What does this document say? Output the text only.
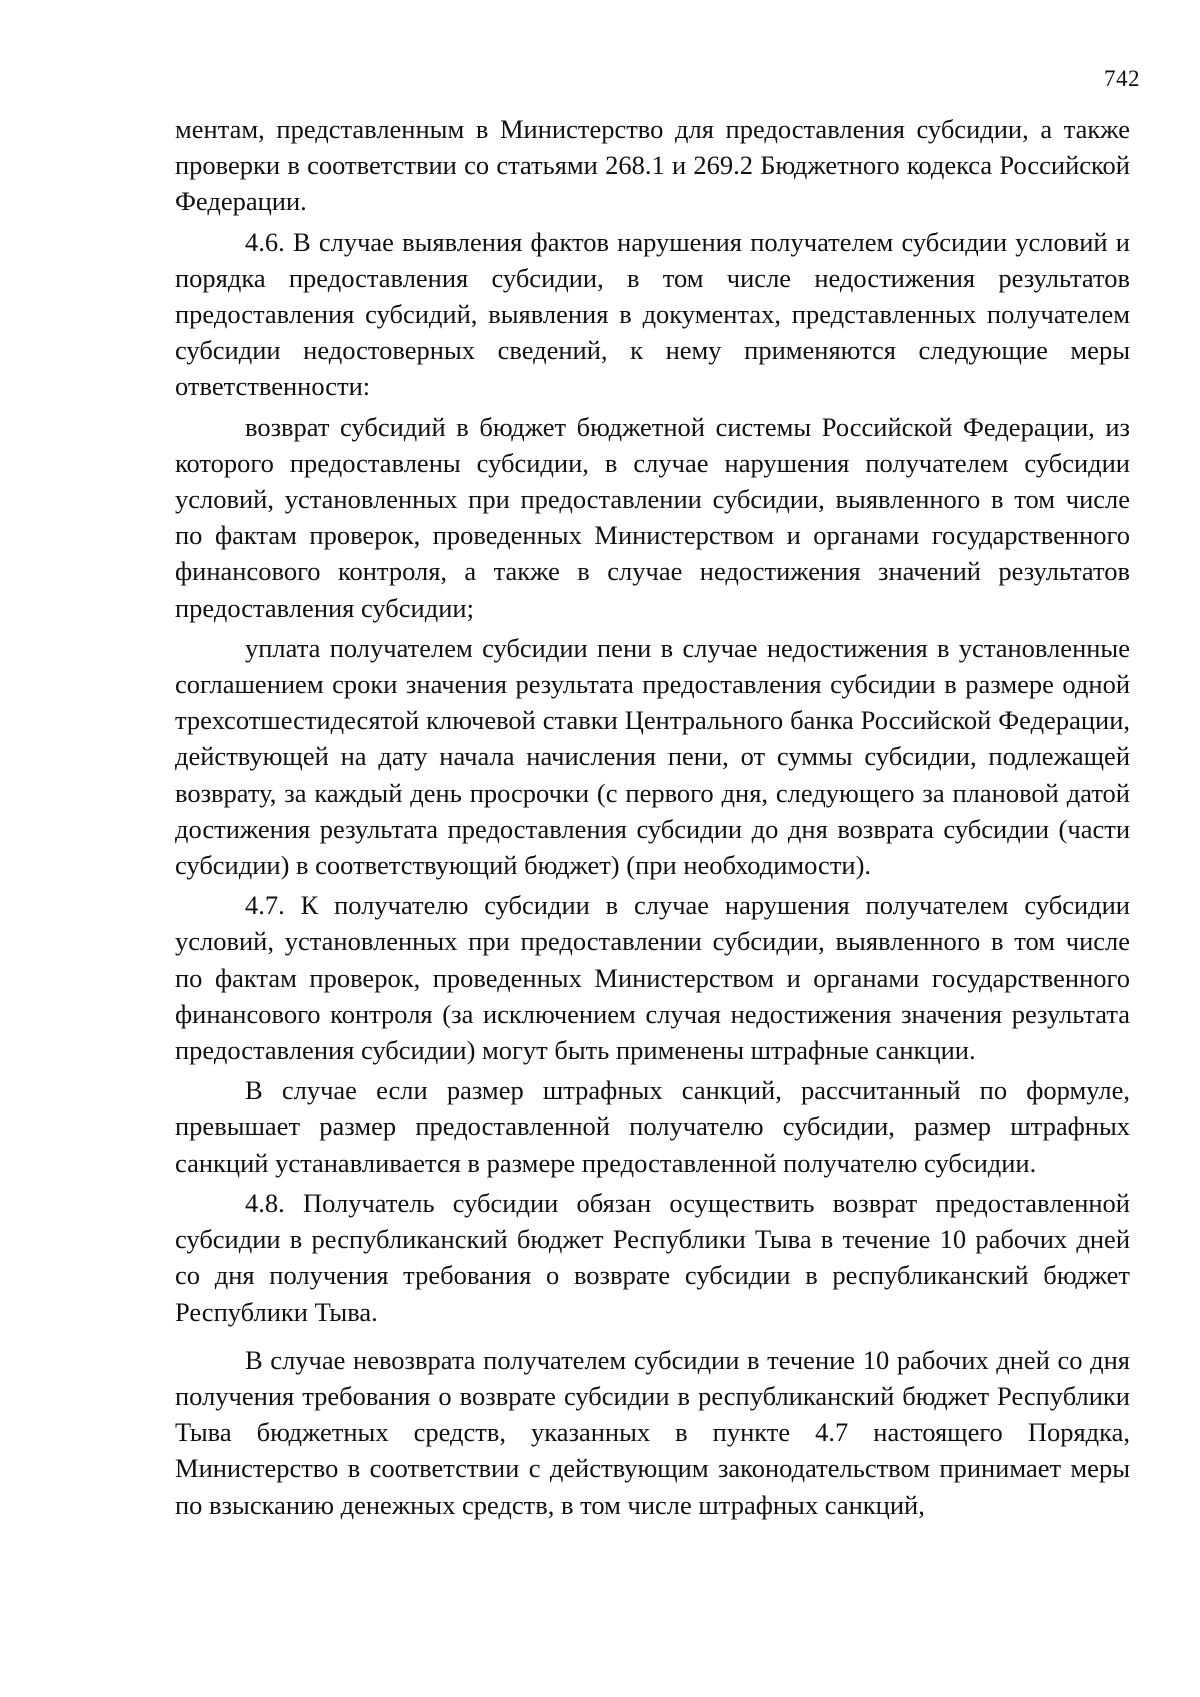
742

ментам, представленным в Министерство для предоставления субсидии, а также проверки в соответствии со статьями 268.1 и 269.2 Бюджетного кодекса Российской Федерации.

4.6. В случае выявления фактов нарушения получателем субсидии условий и порядка предоставления субсидии, в том числе недостижения результатов предоставления субсидий, выявления в документах, представленных получателем субсидии недостоверных сведений, к нему применяются следующие меры ответственности:

возврат субсидий в бюджет бюджетной системы Российской Федерации, из которого предоставлены субсидии, в случае нарушения получателем субсидии условий, установленных при предоставлении субсидии, выявленного в том числе по фактам проверок, проведенных Министерством и органами государственного финансового контроля, а также в случае недостижения значений результатов предоставления субсидии;

уплата получателем субсидии пени в случае недостижения в установленные соглашением сроки значения результата предоставления субсидии в размере одной трехсотшестидесятой ключевой ставки Центрального банка Российской Федерации, действующей на дату начала начисления пени, от суммы субсидии, подлежащей возврату, за каждый день просрочки (с первого дня, следующего за плановой датой достижения результата предоставления субсидии до дня возврата субсидии (части субсидии) в соответствующий бюджет) (при необходимости).

4.7. К получателю субсидии в случае нарушения получателем субсидии условий, установленных при предоставлении субсидии, выявленного в том числе по фактам проверок, проведенных Министерством и органами государственного финансового контроля (за исключением случая недостижения значения результата предоставления субсидии) могут быть применены штрафные санкции.

В случае если размер штрафных санкций, рассчитанный по формуле, превышает размер предоставленной получателю субсидии, размер штрафных санкций устанавливается в размере предоставленной получателю субсидии.

4.8. Получатель субсидии обязан осуществить возврат предоставленной субсидии в республиканский бюджет Республики Тыва в течение 10 рабочих дней со дня получения требования о возврате субсидии в республиканский бюджет Республики Тыва.

В случае невозврата получателем субсидии в течение 10 рабочих дней со дня получения требования о возврате субсидии в республиканский бюджет Республики Тыва бюджетных средств, указанных в пункте 4.7 настоящего Порядка, Министерство в соответствии с действующим законодательством принимает меры по взысканию денежных средств, в том числе штрафных санкций,
